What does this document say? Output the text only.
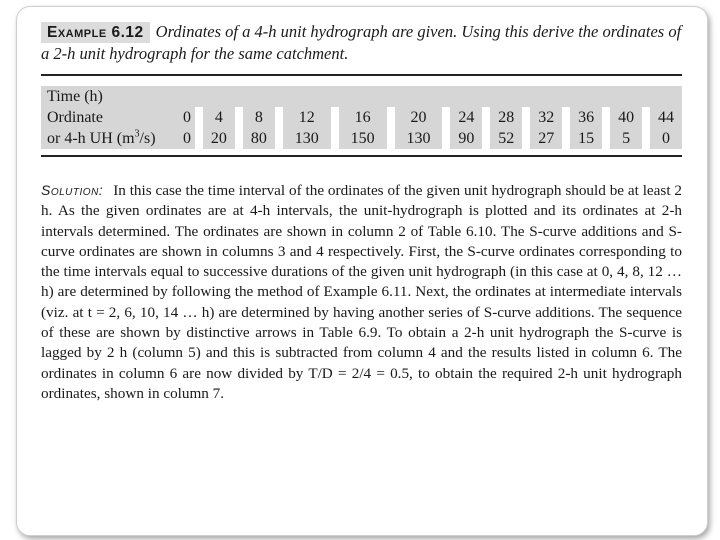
Example 6.12 Ordinates of a 4-h unit hydrograph are given. Using this derive the ordinates of a 2-h unit hydrograph for the same catchment.
Time (h)																							
Ordinate	0		4		8		12		16		20		24		28		32		36		40		44
or 4-h UH $(m^3/s)$	0		20		80		130		150		130		90		52		27		15		5		0
Solution: In this case the time interval of the ordinates of the given unit hydrograph should be at least 2 h. As the given ordinates are at 4-h intervals, the unit-hydrograph is plotted and its ordinates at 2-h intervals determined. The ordinates are shown in column 2 of Table 6.10. The S-curve additions and S-curve ordinates are shown in columns 3 and 4 respectively. First, the S-curve ordinates corresponding to the time intervals equal to successive durations of the given unit hydrograph (in this case at 0, 4, 8, 12 … h) are determined by following the method of Example 6.11. Next, the ordinates at intermediate intervals (viz. at t = 2, 6, 10, 14 … h) are determined by having another series of S-curve additions. The sequence of these are shown by distinctive arrows in Table 6.9. To obtain a 2-h unit hydrograph the S-curve is lagged by 2 h (column 5) and this is subtracted from column 4 and the results listed in column 6. The ordinates in column 6 are now divided by T/D = 2/4 = 0.5, to obtain the required 2-h unit hydrograph ordinates, shown in column 7.
